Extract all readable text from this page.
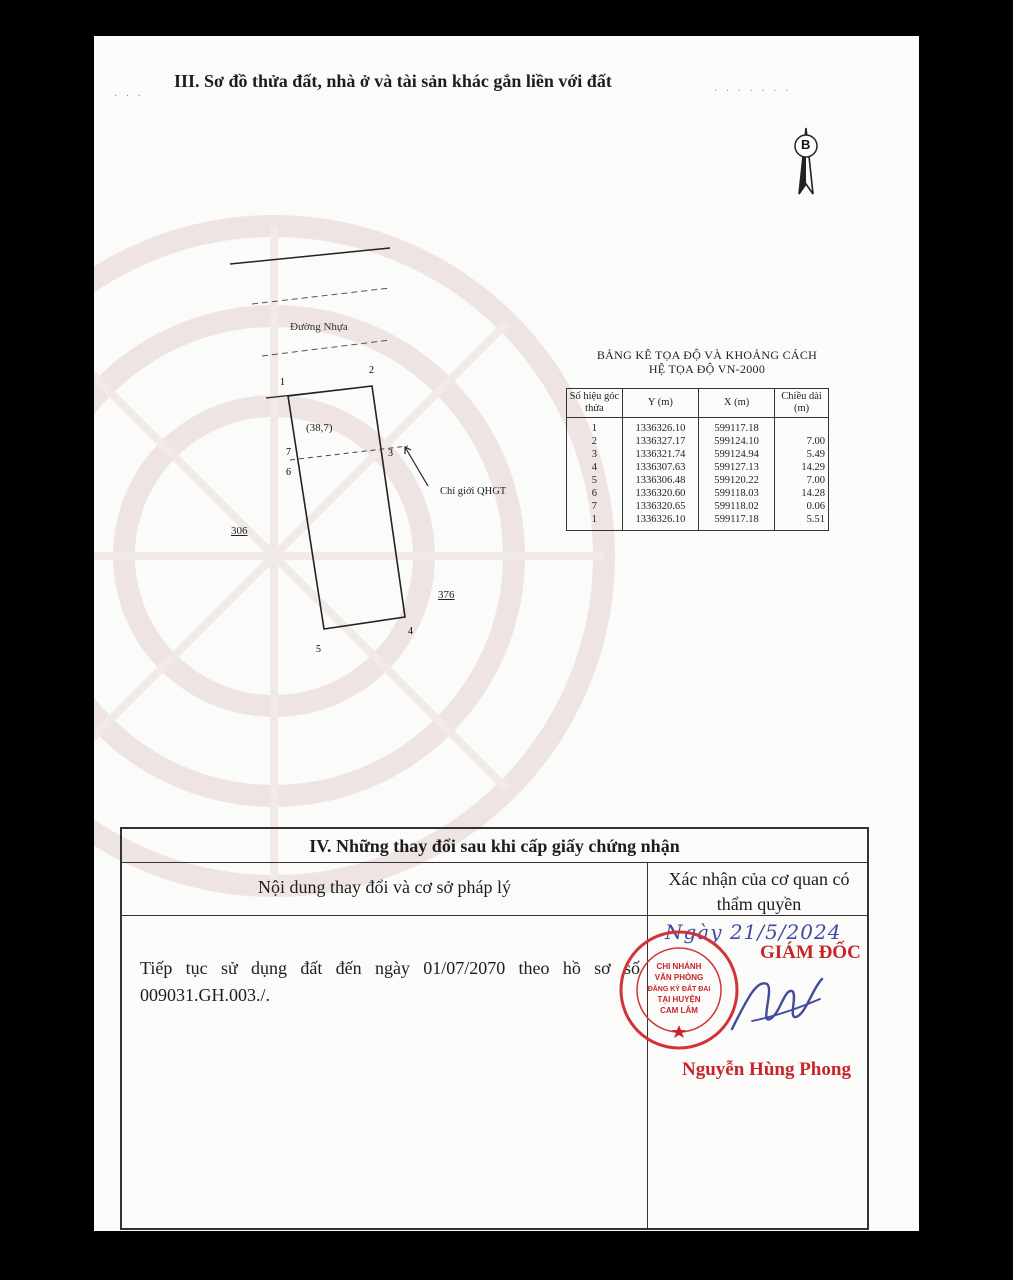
· · ·	· · · · · · ·
III. Sơ đồ thửa đất, nhà ở và tài sản khác gắn liền với đất
B
Đường Nhựa
(38,7)
Chỉ giới QHGT
306
376
1
2
3
4
5
6
7
BẢNG KÊ TỌA ĐỘ VÀ KHOẢNG CÁCH
HỆ TỌA ĐỘ VN-2000
Số hiệu góc thửa	Y (m)	X (m)	Chiều dài (m)
1	1336326.10	599117.18	
2	1336327.17	599124.10	7.00
3	1336321.74	599124.94	5.49
4	1336307.63	599127.13	14.29
5	1336306.48	599120.22	7.00
6	1336320.60	599118.03	14.28
7	1336320.65	599118.02	0.06
1	1336326.10	599117.18	5.51
IV. Những thay đổi sau khi cấp giấy chứng nhận
Nội dung thay đổi và cơ sở pháp lý	Xác nhận của cơ quan có thẩm quyền
Tiếp tục sử dụng đất đến ngày 01/07/2070 theo hồ sơ số 009031.GH.003./.
Ngày 21/5/2024
CHI NHÁNH
VĂN PHÒNG
ĐĂNG KÝ ĐẤT ĐAI
TẠI HUYỆN
CAM LÂM
GIÁM ĐỐC
Nguyễn Hùng Phong
